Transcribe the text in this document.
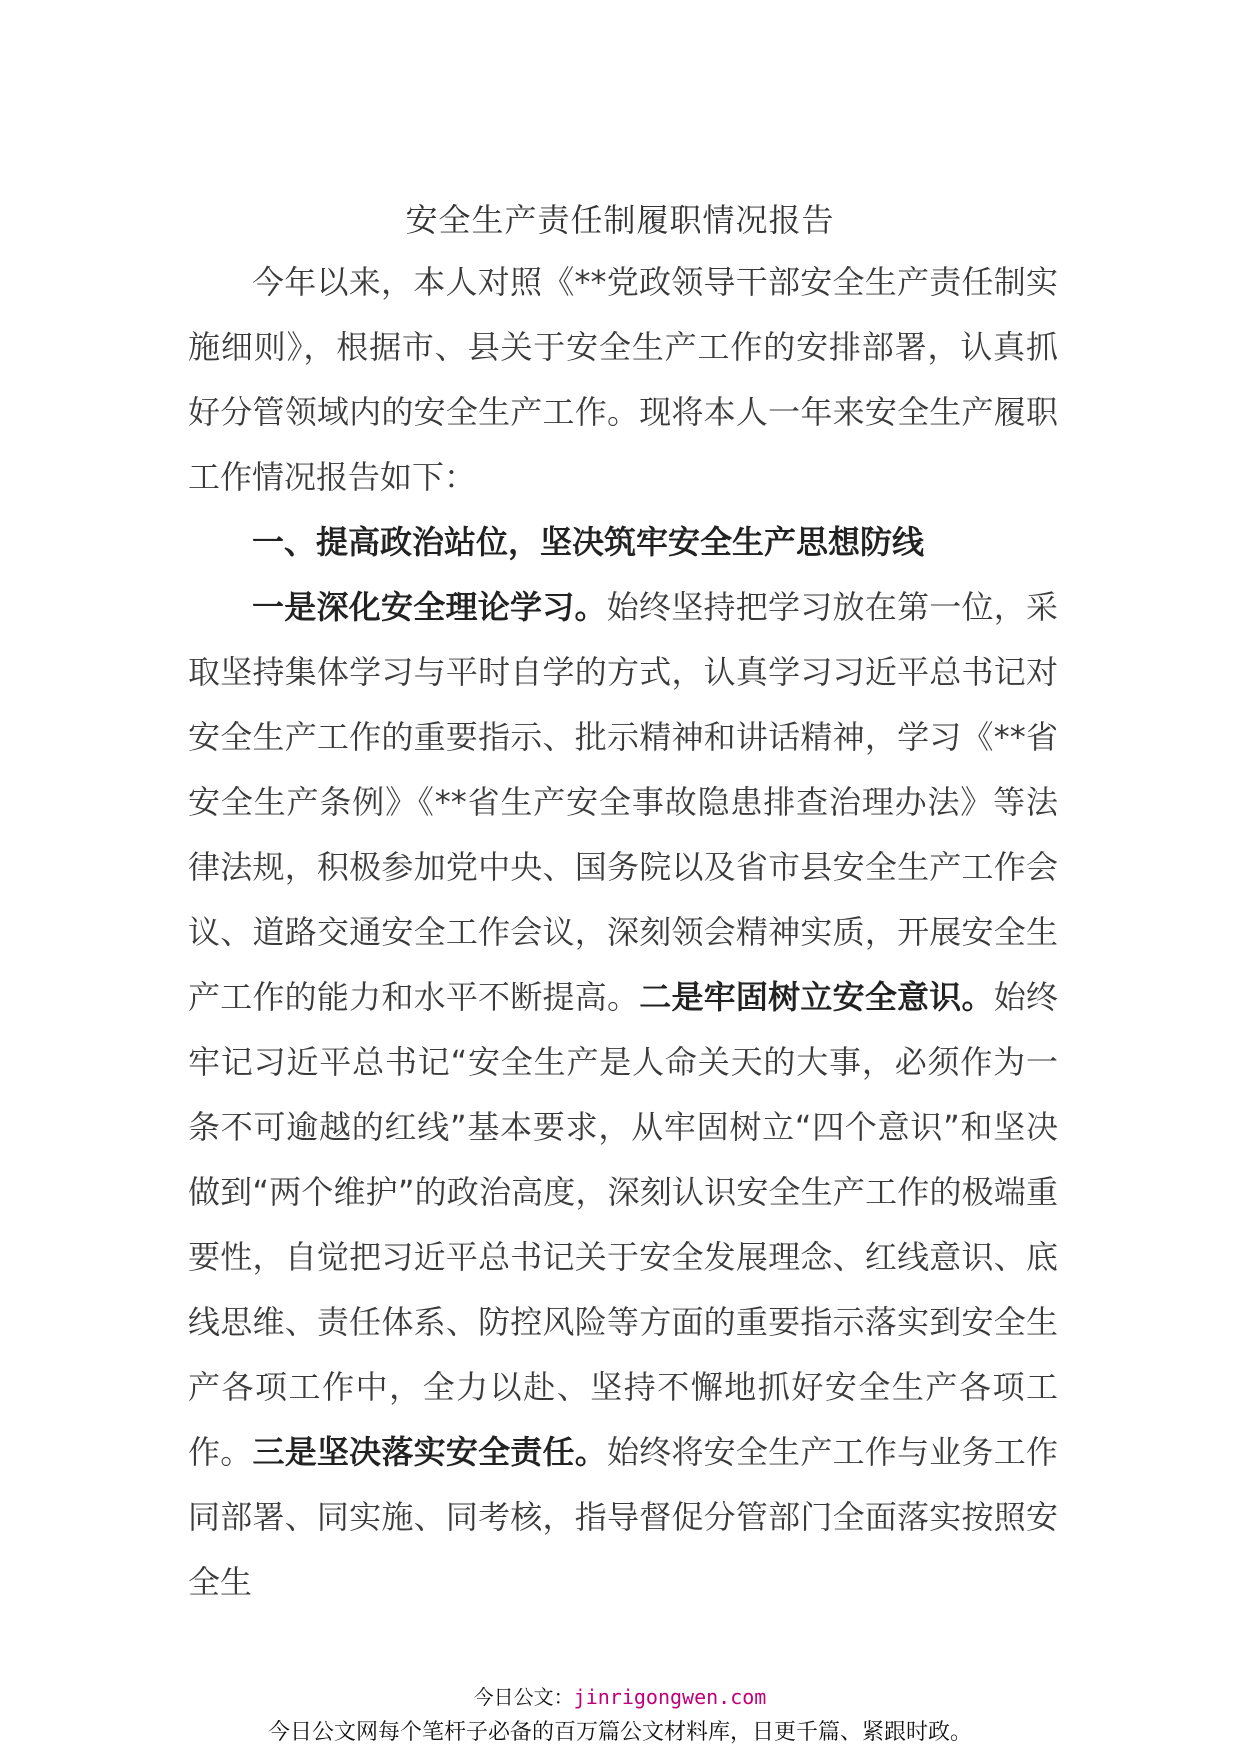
安全生产责任制履职情况报告

今年以来，本人对照《**党政领导干部安全生产责任制实施细则》，根据市、县关于安全生产工作的安排部署，认真抓好分管领域内的安全生产工作。现将本人一年来安全生产履职工作情况报告如下：

一、提高政治站位，坚决筑牢安全生产思想防线

一是深化安全理论学习。始终坚持把学习放在第一位，采取坚持集体学习与平时自学的方式，认真学习习近平总书记对安全生产工作的重要指示、批示精神和讲话精神，学习《**省安全生产条例》《**省生产安全事故隐患排查治理办法》等法律法规，积极参加党中央、国务院以及省市县安全生产工作会议、道路交通安全工作会议，深刻领会精神实质，开展安全生产工作的能力和水平不断提高。二是牢固树立安全意识。始终牢记习近平总书记“安全生产是人命关天的大事，必须作为一条不可逾越的红线”基本要求，从牢固树立“四个意识”和坚决做到“两个维护”的政治高度，深刻认识安全生产工作的极端重要性，自觉把习近平总书记关于安全发展理念、红线意识、底线思维、责任体系、防控风险等方面的重要指示落实到安全生产各项工作中，全力以赴、坚持不懈地抓好安全生产各项工作。三是坚决落实安全责任。始终将安全生产工作与业务工作同部署、同实施、同考核，指导督促分管部门全面落实按照安全生

今日公文：jinrigongwen.com
今日公文网每个笔杆子必备的百万篇公文材料库，日更千篇、紧跟时政。
